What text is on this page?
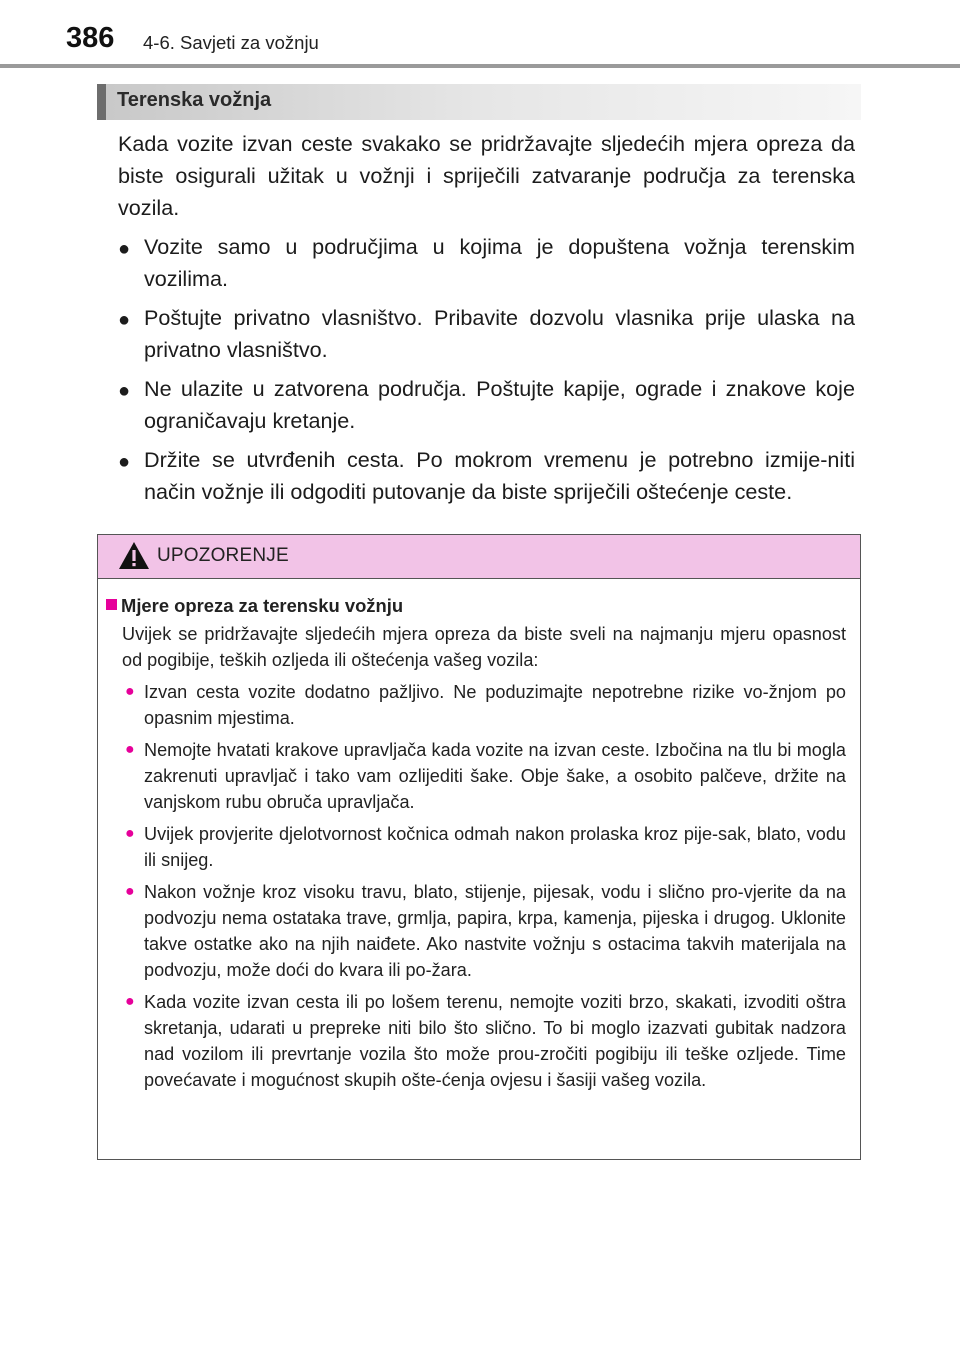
386 4-6. Savjeti za vožnju
Terenska vožnja

Kada vozite izvan ceste svakako se pridržavajte sljedećih mjera opreza da biste osigurali užitak u vožnji i spriječili zatvaranje područja za terenska vozila.

● Vozite samo u područjima u kojima je dopuštena vožnja terenskim vozilima.
● Poštujte privatno vlasništvo. Pribavite dozvolu vlasnika prije ulaska na privatno vlasništvo.
● Ne ulazite u zatvorena područja. Poštujte kapije, ograde i znakove koje ograničavaju kretanje.
● Držite se utvrđenih cesta. Po mokrom vremenu je potrebno izmije-niti način vožnje ili odgoditi putovanje da biste spriječili oštećenje ceste.
UPOZORENJE
Mjere opreza za terensku vožnju
Uvijek se pridržavajte sljedećih mjera opreza da biste sveli na najmanju mjeru opasnost od pogibije, teških ozljeda ili oštećenja vašeg vozila:
● Izvan cesta vozite dodatno pažljivo. Ne poduzimajte nepotrebne rizike vo-žnjom po opasnim mjestima.
● Nemojte hvatati krakove upravljača kada vozite na izvan ceste. Izbočina na tlu bi mogla zakrenuti upravljač i tako vam ozlijediti šake. Obje šake, a osobito palčeve, držite na vanjskom rubu obruča upravljača.
● Uvijek provjerite djelotvornost kočnica odmah nakon prolaska kroz pije-sak, blato, vodu ili snijeg.
● Nakon vožnje kroz visoku travu, blato, stijenje, pijesak, vodu i slično pro-vjerite da na podvozju nema ostataka trave, grmlja, papira, krpa, kamenja, pijeska i drugog. Uklonite takve ostatke ako na njih naiđete. Ako nastvite vožnju s ostacima takvih materijala na podvozju, može doći do kvara ili po-žara.
● Kada vozite izvan cesta ili po lošem terenu, nemojte voziti brzo, skakati, izvoditi oštra skretanja, udarati u prepreke niti bilo što slično. To bi moglo izazvati gubitak nadzora nad vozilom ili prevrtanje vozila što može prou-zročiti pogibiju ili teške ozljede. Time povećavate i mogućnost skupih ošte-ćenja ovjesu i šasiji vašeg vozila.
